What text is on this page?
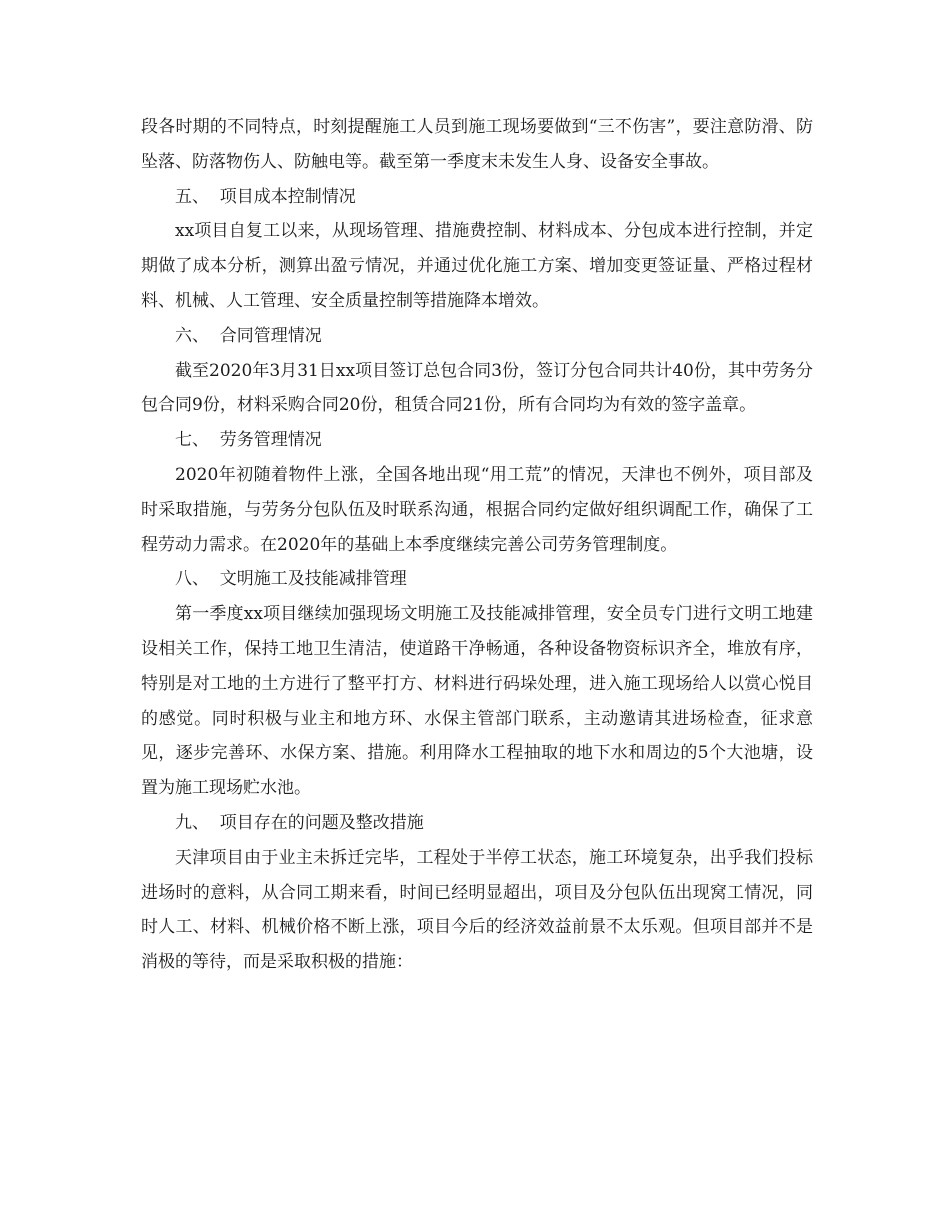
段各时期的不同特点，时刻提醒施工人员到施工现场要做到“三不伤害”，要注意防滑、防坠落、防落物伤人、防触电等。截至第一季度末未发生人身、设备安全事故。

五、  项目成本控制情况

xx项目自复工以来，从现场管理、措施费控制、材料成本、分包成本进行控制，并定期做了成本分析，测算出盈亏情况，并通过优化施工方案、增加变更签证量、严格过程材料、机械、人工管理、安全质量控制等措施降本增效。

六、  合同管理情况

截至2020年3月31日xx项目签订总包合同3份，签订分包合同共计40份，其中劳务分包合同9份，材料采购合同20份，租赁合同21份，所有合同均为有效的签字盖章。

七、  劳务管理情况

2020年初随着物件上涨，全国各地出现“用工荒”的情况，天津也不例外，项目部及时采取措施，与劳务分包队伍及时联系沟通，根据合同约定做好组织调配工作，确保了工程劳动力需求。在2020年的基础上本季度继续完善公司劳务管理制度。

八、  文明施工及技能减排管理

第一季度xx项目继续加强现场文明施工及技能减排管理，安全员专门进行文明工地建设相关工作，保持工地卫生清洁，使道路干净畅通，各种设备物资标识齐全，堆放有序，特别是对工地的土方进行了整平打方、材料进行码垛处理，进入施工现场给人以赏心悦目的感觉。同时积极与业主和地方环、水保主管部门联系，主动邀请其进场检查，征求意见，逐步完善环、水保方案、措施。利用降水工程抽取的地下水和周边的5个大池塘，设置为施工现场贮水池。

九、  项目存在的问题及整改措施

天津项目由于业主未拆迁完毕，工程处于半停工状态，施工环境复杂，出乎我们投标进场时的意料，从合同工期来看，时间已经明显超出，项目及分包队伍出现窝工情况，同时人工、材料、机械价格不断上涨，项目今后的经济效益前景不太乐观。但项目部并不是消极的等待，而是采取积极的措施：
